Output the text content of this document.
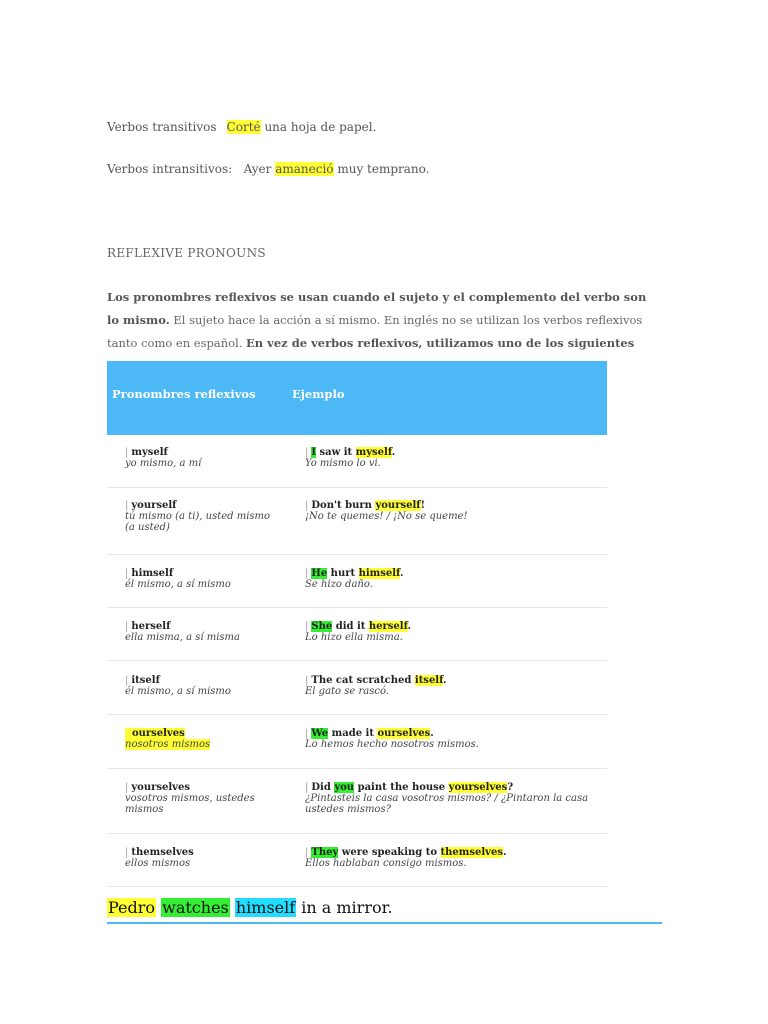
Verbos transitivos Corté una hoja de papel.
Verbos intransitivos:   Ayer amaneció muy temprano.
REFLEXIVE PRONOUNS
Los pronombres reflexivos se usan cuando el sujeto y el complemento del verbo son lo mismo. El sujeto hace la acción a sí mismo. En inglés no se utilizan los verbos reflexivos tanto como en español. En vez de verbos reflexivos, utilizamos uno de los siguientes
Pronombres reflexivos	Ejemplo
| myself
yo mismo, a mí
| I saw it myself.
Yo mismo lo vi.
| yourself
tú mismo (a ti), usted mismo (a usted)
| Don't burn yourself!
¡No te quemes! / ¡No se queme!
| himself
él mismo, a sí mismo
| He hurt himself.
Se hizo daño.
| herself
ella misma, a sí misma
| She did it herself.
Lo hizo ella misma.
| itself
él mismo, a sí mismo
| The cat scratched itself.
El gato se rascó.
ourselves
nosotros mismos
| We made it ourselves.
Lo hemos hecho nosotros mismos.
| yourselves
vosotros mismos, ustedes mismos
| Did you paint the house yourselves?
¿Pintasteis la casa vosotros mismos? / ¿Pintaron la casa ustedes mismos?
| themselves
ellos mismos
| They were speaking to themselves.
Ellos hablaban consigo mismos.
Pedro watches himself in a mirror.
